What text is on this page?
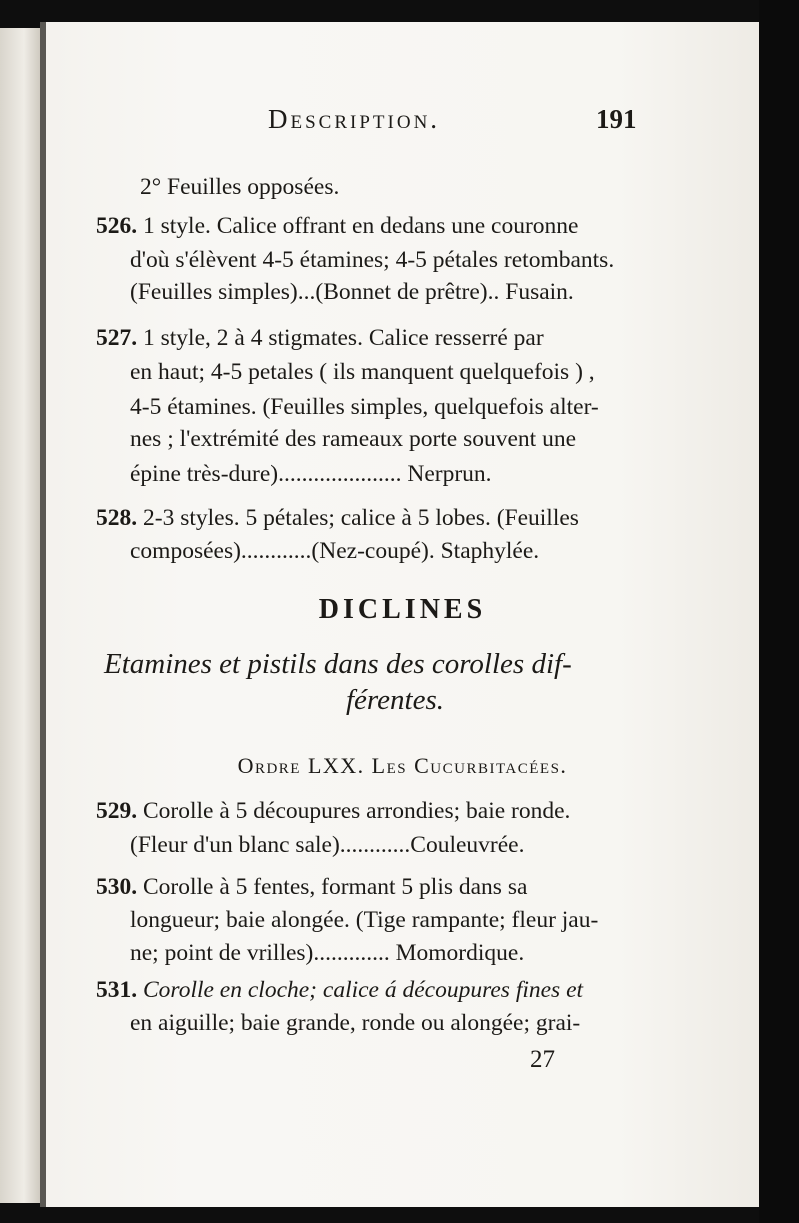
Description.	191
2° Feuilles opposées.
526. 1 style. Calice offrant en dedans une couronne
d'où s'élèvent 4-5 étamines; 4-5 pétales retombants.
(Feuilles simples)...(Bonnet de prêtre).. Fusain.
527. 1 style, 2 à 4 stigmates. Calice resserré par
en haut; 4-5 petales ( ils manquent quelquefois ) ,
4-5 étamines. (Feuilles simples, quelquefois alter-
nes ; l'extrémité des rameaux porte souvent une
épine très-dure)..................... Nerprun.
528. 2-3 styles. 5 pétales; calice à 5 lobes. (Feuilles
composées)............(Nez-coupé). Staphylée.
DICLINES
Etamines et pistils dans des corolles dif-
férentes.
Ordre LXX. Les Cucurbitacées.
529. Corolle à 5 découpures arrondies; baie ronde.
(Fleur d'un blanc sale)............Couleuvrée.
530. Corolle à 5 fentes, formant 5 plis dans sa
longueur; baie alongée. (Tige rampante; fleur jau-
ne; point de vrilles)............. Momordique.
531. Corolle en cloche; calice á découpures fines et
en aiguille; baie grande, ronde ou alongée; grai-
27
